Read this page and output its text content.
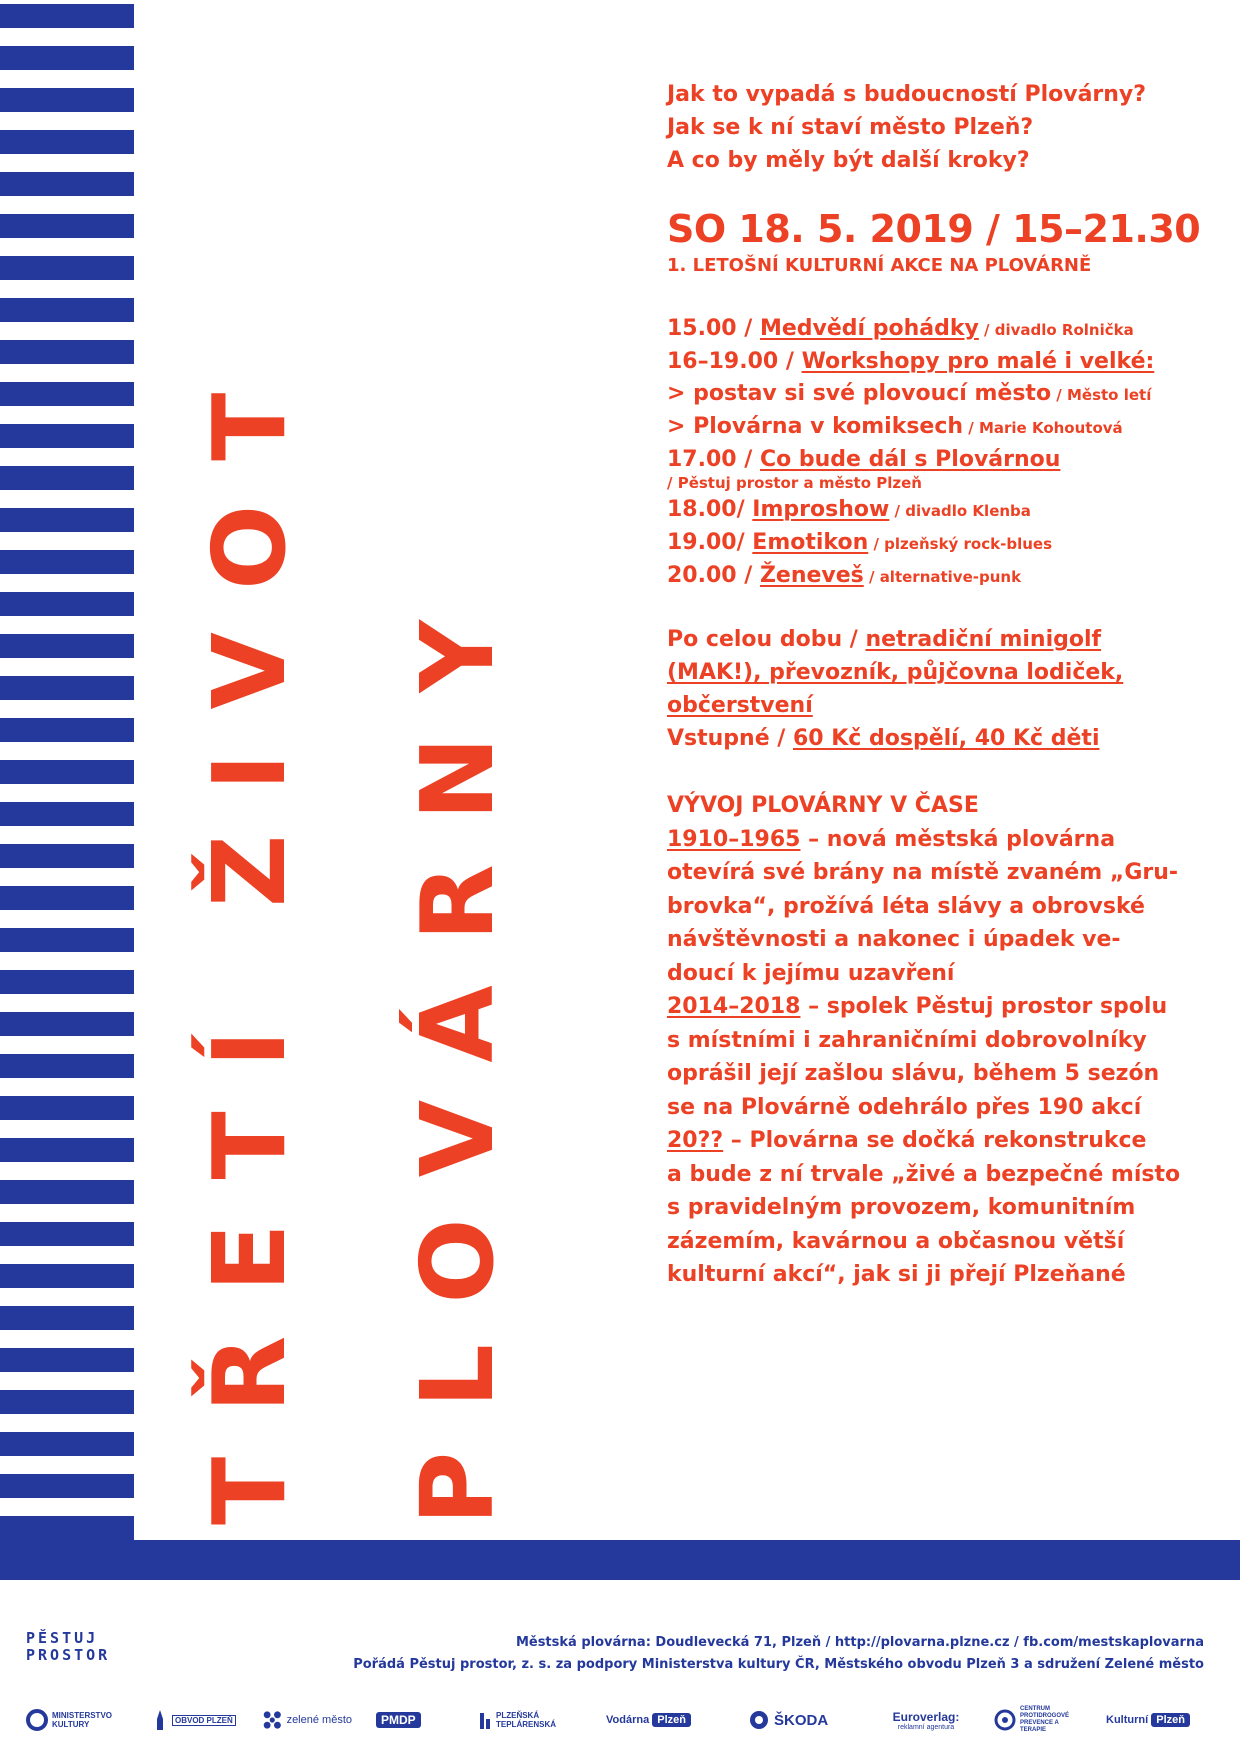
TŘETÍ ŽIVOT PLOVÁRNY
Jak to vypadá s budoucností Plovárny?
Jak se k ní staví město Plzeň?
A co by měly být další kroky?
SO 18. 5. 2019 / 15–21.30
1. LETOŠNÍ KULTURNÍ AKCE NA PLOVÁRNĚ
15.00 / Medvědí pohádky / divadlo Rolnička
16–19.00 / Workshopy pro malé i velké:
> postav si své plovoucí město / Město letí
> Plovárna v komiksech / Marie Kohoutová
17.00 / Co bude dál s Plovárnou
/ Pěstuj prostor a město Plzeň
18.00/ Improshow / divadlo Klenba
19.00/ Emotikon / plzeňský rock-blues
20.00 / Ženeveš / alternative-punk
Po celou dobu / netradiční minigolf
(MAK!), převozník, půjčovna lodiček,
občerstvení
Vstupné / 60 Kč dospělí, 40 Kč děti
VÝVOJ PLOVÁRNY V ČASE
1910–1965 – nová městská plovárna
otevírá své brány na místě zvaném „Gru-
brovka“, prožívá léta slávy a obrovské
návštěvnosti a nakonec i úpadek ve-
doucí k jejímu uzavření
2014–2018 – spolek Pěstuj prostor spolu
s místními i zahraničními dobrovolníky
oprášil její zašlou slávu, během 5 sezón
se na Plovárně odehrálo přes 190 akcí
20?? – Plovárna se dočká rekonstrukce
a bude z ní trvale „živé a bezpečné místo
s pravidelným provozem, komunitním
zázemím, kavárnou a občasnou větší
kulturní akcí“, jak si ji přejí Plzeňané
PĚSTUJ
PROSTOR
Městská plovárna: Doudlevecká 71, Plzeň / http://plovarna.plzne.cz / fb.com/mestskaplovarna
Pořádá Pěstuj prostor, z. s. za podpory Ministerstva kultury ČR, Městského obvodu Plzeň 3 a sdružení Zelené město
MINISTERSTVO KULTURY	OBVOD PLZEŇ	zelené město	PMDP	PLZEŇSKÁ TEPLÁRENSKÁ	Vodárna
Plzeň	ŠKODA	Euroverlag:
reklamní agentura
CENTRUM PROTIDROGOVÉ PREVENCE A TERAPIE
Kulturní
Plzeň
